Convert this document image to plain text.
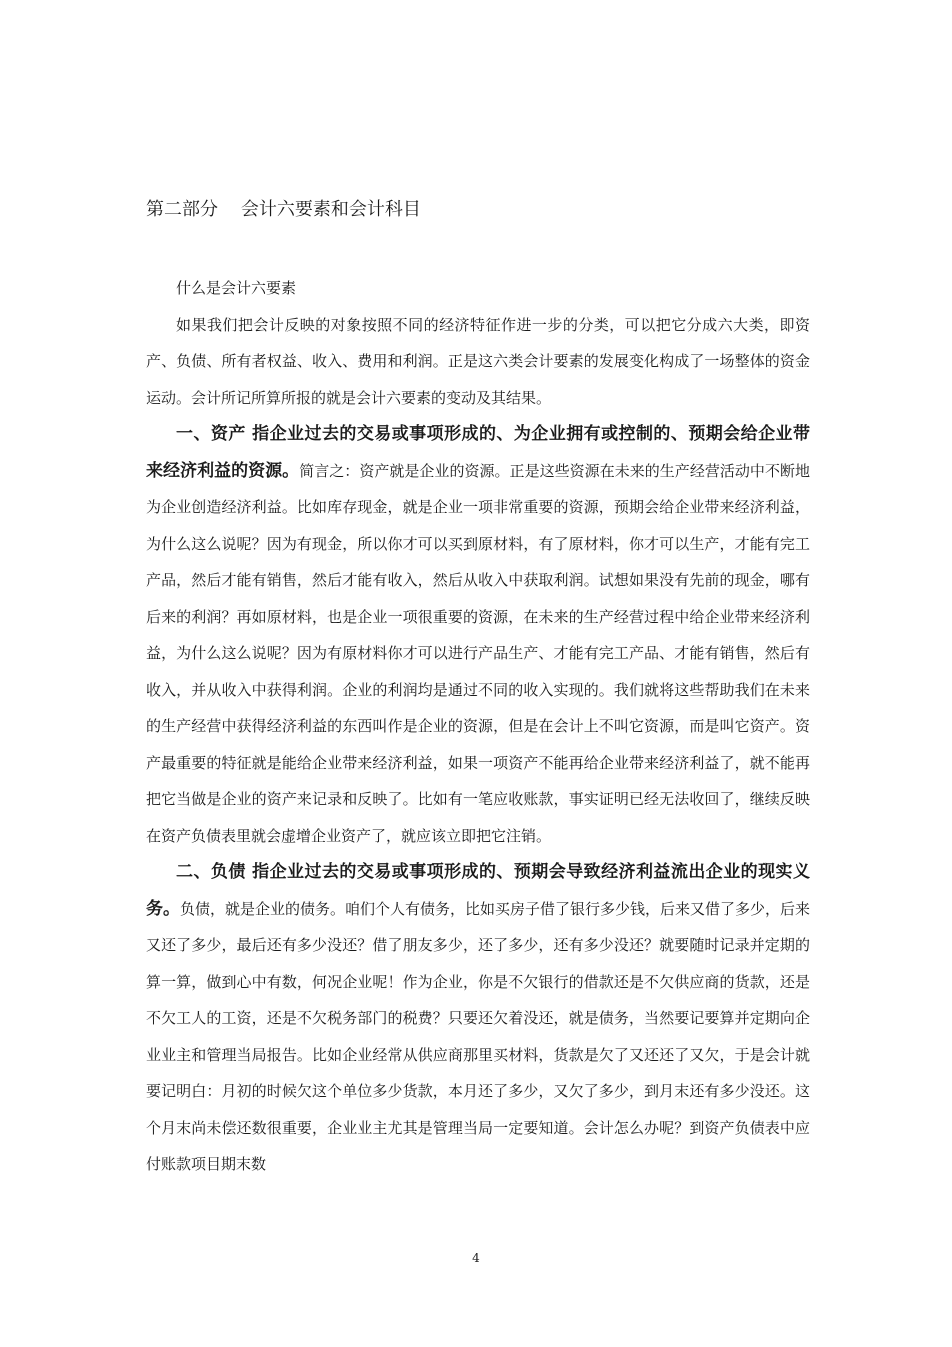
第二部分    会计六要素和会计科目

什么是会计六要素

如果我们把会计反映的对象按照不同的经济特征作进一步的分类，可以把它分成六大类，即资产、负债、所有者权益、收入、费用和利润。正是这六类会计要素的发展变化构成了一场整体的资金运动。会计所记所算所报的就是会计六要素的变动及其结果。

一、资产 指企业过去的交易或事项形成的、为企业拥有或控制的、预期会给企业带来经济利益的资源。简言之：资产就是企业的资源。正是这些资源在未来的生产经营活动中不断地为企业创造经济利益。比如库存现金，就是企业一项非常重要的资源，预期会给企业带来经济利益，为什么这么说呢？因为有现金，所以你才可以买到原材料，有了原材料，你才可以生产，才能有完工产品，然后才能有销售，然后才能有收入，然后从收入中获取利润。试想如果没有先前的现金，哪有后来的利润？再如原材料，也是企业一项很重要的资源，在未来的生产经营过程中给企业带来经济利益，为什么这么说呢？因为有原材料你才可以进行产品生产、才能有完工产品、才能有销售，然后有收入，并从收入中获得利润。企业的利润均是通过不同的收入实现的。我们就将这些帮助我们在未来的生产经营中获得经济利益的东西叫作是企业的资源，但是在会计上不叫它资源，而是叫它资产。资产最重要的特征就是能给企业带来经济利益，如果一项资产不能再给企业带来经济利益了，就不能再把它当做是企业的资产来记录和反映了。比如有一笔应收账款，事实证明已经无法收回了，继续反映在资产负债表里就会虚增企业资产了，就应该立即把它注销。

二、负债 指企业过去的交易或事项形成的、预期会导致经济利益流出企业的现实义务。负债，就是企业的债务。咱们个人有债务，比如买房子借了银行多少钱，后来又借了多少，后来又还了多少，最后还有多少没还？借了朋友多少，还了多少，还有多少没还？就要随时记录并定期的算一算，做到心中有数，何况企业呢！作为企业，你是不欠银行的借款还是不欠供应商的货款，还是不欠工人的工资，还是不欠税务部门的税费？只要还欠着没还，就是债务，当然要记要算并定期向企业业主和管理当局报告。比如企业经常从供应商那里买材料，货款是欠了又还还了又欠，于是会计就要记明白：月初的时候欠这个单位多少货款，本月还了多少，又欠了多少，到月末还有多少没还。这个月末尚未偿还数很重要，企业业主尤其是管理当局一定要知道。会计怎么办呢？到资产负债表中应付账款项目期末数

4
